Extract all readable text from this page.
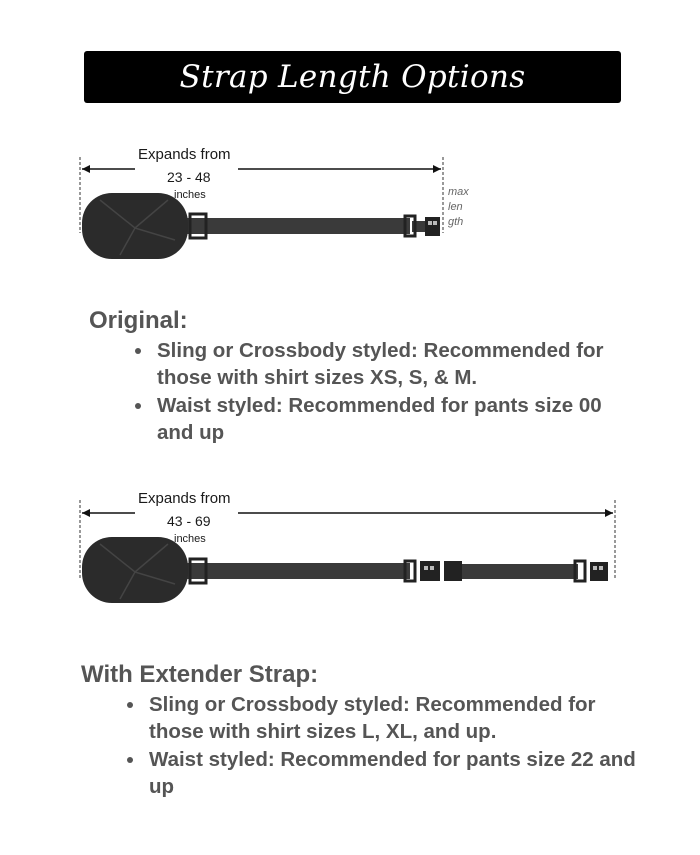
Strap Length Options
Expands from
23 - 48
inches	max
len
gth
Original:
Sling or Crossbody styled: Recommended for those with shirt sizes XS, S, & M.
Waist styled: Recommended for pants size 00 and up
Expands from
43 - 69
inches
With Extender Strap:
Sling or Crossbody styled: Recommended for those with shirt sizes L, XL, and up.
Waist styled: Recommended for pants size 22 and up
